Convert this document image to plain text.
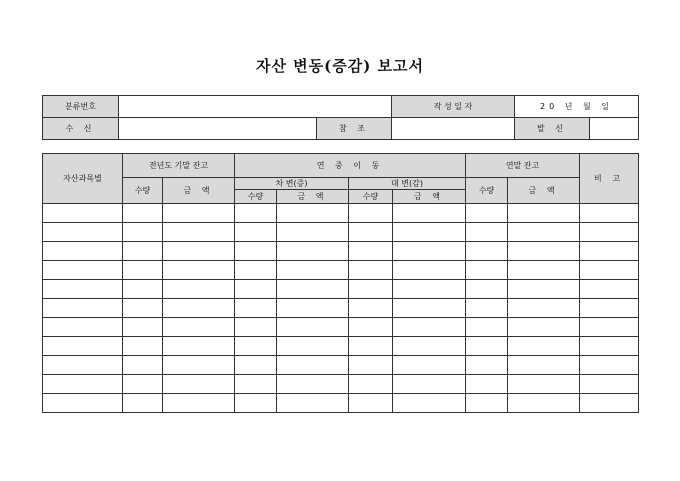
자산 변동(증감) 보고서
분류번호			작 성 일 자	20 년 월 일	
수 신		참 조		발 신	
자산과목별	전년도 기말 잔고		연 중 이 동				연말 잔고		비 고
	수량	금 액	차 변(증)		대 변(감)		수량	금 액	
			수량	금 액	수량	금 액			
